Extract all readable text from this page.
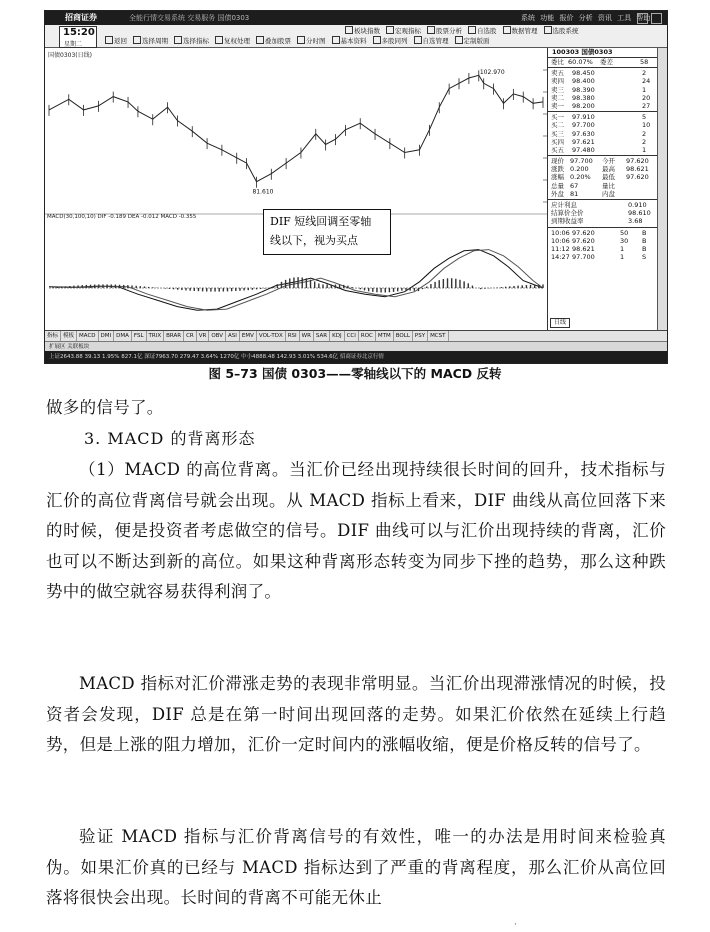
招商证券	全能行情交易系统 交易服务 国债0303	系统 功能 报价 分析 资讯 工具 帮助
15:20
星期二
板块指数 宏观指标 股票分析 自选股 数据管理 选股系统
返回 选择周期 选择指标 复权处理 叠加股票 分时图 基本资料 多股同列 自选管理 定制版面
102.970
81.610
国债0303(日线)
MACD(30,100,10) DIF -0.189 DEA -0.012 MACD -0.355	DIF 短线回调至零轴
线以下，视为买点
100303 国债0303
委比 60.07% 委差	58
卖五 98.450	2
卖四 98.400	24
卖三 98.390	1
卖二 98.380	20
卖一 98.200	27
买一 97.910	5
买二 97.700	10
买三 97.630	2
买四 97.621	2
买五 97.480	1
现价 97.700 今开 97.620
涨跌 0.200 最高 98.621
涨幅 0.20% 最低 97.620
总量 67	量比
外盘 81	内盘
应计利息	0.910
结算价全价	98.610
到期收益率	3.68
10:06 97.620	50 B
10:06 97.620	30 B
11:12 98.621	1	B
14:27 97.700	1	S
日线
指标 模板 MACD DMI DMA FSL TRIX BRAR CR VR OBV ASI EMV VOL-TDX RSI WR SAR KDJ CCI ROC MTM BOLL PSY MCST
扩展区 关联板块
上证2643.88 39.13 1.95% 827.1亿 深证7963.70 279.47 3.64% 1270亿 中小4888.48 142.93 3.01% 534.6亿 招商证券北京行情
图 5–73 国债 0303——零轴线以下的 MACD 反转
做多的信号了。
3. MACD 的背离形态
（1）MACD 的高位背离。当汇价已经出现持续很长时间的回升，技术指标与汇价的高位背离信号就会出现。从 MACD 指标上看来，DIF 曲线从高位回落下来的时候，便是投资者考虑做空的信号。DIF 曲线可以与汇价出现持续的背离，汇价也可以不断达到新的高位。如果这种背离形态转变为同步下挫的趋势，那么这种跌势中的做空就容易获得利润了。
MACD 指标对汇价滞涨走势的表现非常明显。当汇价出现滞涨情况的时候，投资者会发现，DIF 总是在第一时间出现回落的走势。如果汇价依然在延续上行趋势，但是上涨的阻力增加，汇价一定时间内的涨幅收缩，便是价格反转的信号了。
验证 MACD 指标与汇价背离信号的有效性，唯一的办法是用时间来检验真伪。如果汇价真的已经与 MACD 指标达到了严重的背离程度，那么汇价从高位回落将很快会出现。长时间的背离不可能无休止
·
